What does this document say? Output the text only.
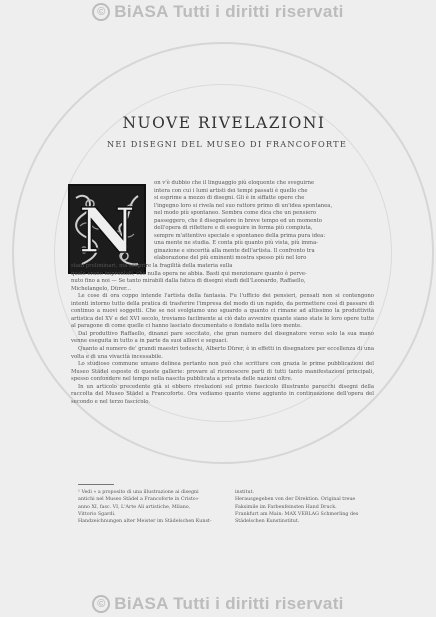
© BiASA Tutti i diritti riservati
NUOVE RIVELAZIONI
NEI DISEGNI DEL MUSEO DI FRANCOFORTE
N
on v'è dubbio che il linguaggio più eloquente che sveguirne
intera con cui i lumi artisti dei tempi passati è quello che
si esprime a mezzo di disegni. Gli è in siffatte opere che
l'ingegno loro si rivela nel suo rattore primo di un'idea spontanea,
nel modo più spontaneo. Sembra come dica che un pensiero
passeggero, che il disegnatore in breve tempo ed un momento
dell'opera di riflettere e di eseguire in forma più compiuta,
sempre m'attentivo speciale e spontaneo della prima pura idea:
una mente ne studia. E conta più quanto più vista, più imma-
ginazione e sincerità alla mente dell'artista. Il confronto tra
elaborazione del più eminenti mostra spesso più nel loro
stadi preliminari, ma scoprire la fragilità della materia sulla
quale erano improntati, che nulla opera ne abbia. Basti qui menzionare quanto è perve-
nuto fino a noi — Se tanto mirabili dalla fatica di disegni studi dell'Leonardo, Raffaello,
Michelangelo, Dürer...

Le cose di ora coppo intende l'artista della fantasia. Fu l'ufficio dei pensieri, pensati non si contengono intenti intorno tutto della pratica di trasferire l'impresa del modo di un rapido, da permettere così di passare di continuo a nuovi soggetti. Che se noi svolgiamo uno sguardo a quanto ci rimane ad altissimo la produttività artistica del XV e del XVI secolo, troviamo facilmente ai ciò dato avvenire quante siano state le loro opere tutte al paragone di come quelle ci hanno lasciato documentato e fondato nella loro mente.

Dal produttivo Raffaello, dinanzi pare soccitato, che gran numero del disegnatore verso solo la sua mano venne eseguita in tutto a in parte da suoi allievi e seguaci.

Quanto al numero de' grandi maestri tedeschi, Alberto Dürer, è in effetti in disegnatore per eccellenza di una volta e di una vivacità incessabile.

Lo studioso commune umano delinea pertanto non può che scritture con grazia le prime pubblicazioni del Museo Städel esposte di queste gallerie: provare al riconoscere parti di tutti tanto manifestazioni principali, spesso confondere nel tempo nella nascita pubblicata a privata delle nazioni oltre.

In un articolo precedente già si ebbero rivelazioni sul primo fascicolo illustrante parecchi disegni della raccolta del Museo Städel a Francoforte. Ora vediamo quanto viene aggiunto in continuazione dell'opera del secondo e nel terzo fascicolo.

¹ Vedi « a proposito di una illustrazione ai disegni

antichi nel Museo Städel a Francoforte in Cristo»

anno XI, fasc. VI, L'Arte Ali artistiche, Milano,

Vittorio Sgardi.

Handzeichnungen alter Meister im Städelschen Kunst-

institut.

Herausgegeben von der Direktion. Original treue

Faksimile im Farbenfeinsten Hand Druck.

Frankfurt am Main: MAX VERLAG Schmerling des

Städelschen Kunstinstitut.

© BiASA Tutti i diritti riservati
